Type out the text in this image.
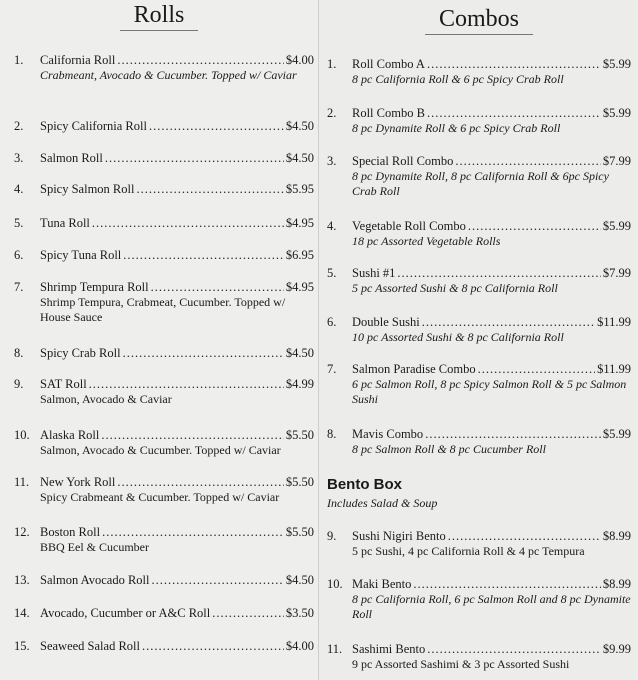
Rolls
1. California Roll .....	$4.00
Crabmeant, Avocado & Cucumber. Topped w/ Caviar
2. Spicy California Roll .....	$4.50
3. Salmon Roll .....	$4.50
4. Spicy Salmon Roll .....	$5.95
5. Tuna Roll .....	$4.95
6. Spicy Tuna Roll .....	$6.95
7. Shrimp Tempura Roll .....	$4.95
Shrimp Tempura, Crabmeat, Cucumber. Topped w/ House Sauce
8. Spicy Crab Roll .....	$4.50
9. SAT Roll .....	$4.99
Salmon, Avocado & Caviar
10. Alaska Roll .....	$5.50
Salmon, Avocado & Cucumber. Topped w/ Caviar
11. New York Roll .....	$5.50
Spicy Crabmeant & Cucumber. Topped w/ Caviar
12. Boston Roll .....	$5.50
BBQ Eel & Cucumber
13. Salmon Avocado Roll .....	$4.50
14. Avocado, Cucumber or A&C Roll .....	$3.50
15. Seaweed Salad Roll .....	$4.00
Combos
1. Roll Combo A .....	$5.99
8 pc California Roll & 6 pc Spicy Crab Roll
2. Roll Combo B .....	$5.99
8 pc Dynamite Roll & 6 pc Spicy Crab Roll
3. Special Roll Combo .....	$7.99
8 pc Dynamite Roll, 8 pc California Roll & 6pc Spicy Crab Roll
4. Vegetable Roll Combo .....	$5.99
18 pc Assorted Vegetable Rolls
5. Sushi #1 .....	$7.99
5 pc Assorted Sushi & 8 pc California Roll
6. Double Sushi .....	$11.99
10 pc Assorted Sushi & 8 pc California Roll
7. Salmon Paradise Combo .....	$11.99
6 pc Salmon Roll, 8 pc Spicy Salmon Roll & 5 pc Salmon Sushi
8. Mavis Combo .....	$5.99
8 pc Salmon Roll & 8 pc Cucumber Roll
Bento Box
Includes Salad & Soup
9. Sushi Nigiri Bento .....	$8.99
5 pc Sushi, 4 pc California Roll & 4 pc Tempura
10. Maki Bento .....	$8.99
8 pc California Roll, 6 pc Salmon Roll and 8 pc Dynamite Roll
11. Sashimi Bento .....	$9.99
9 pc Assorted Sashimi & 3 pc Assorted Sushi
